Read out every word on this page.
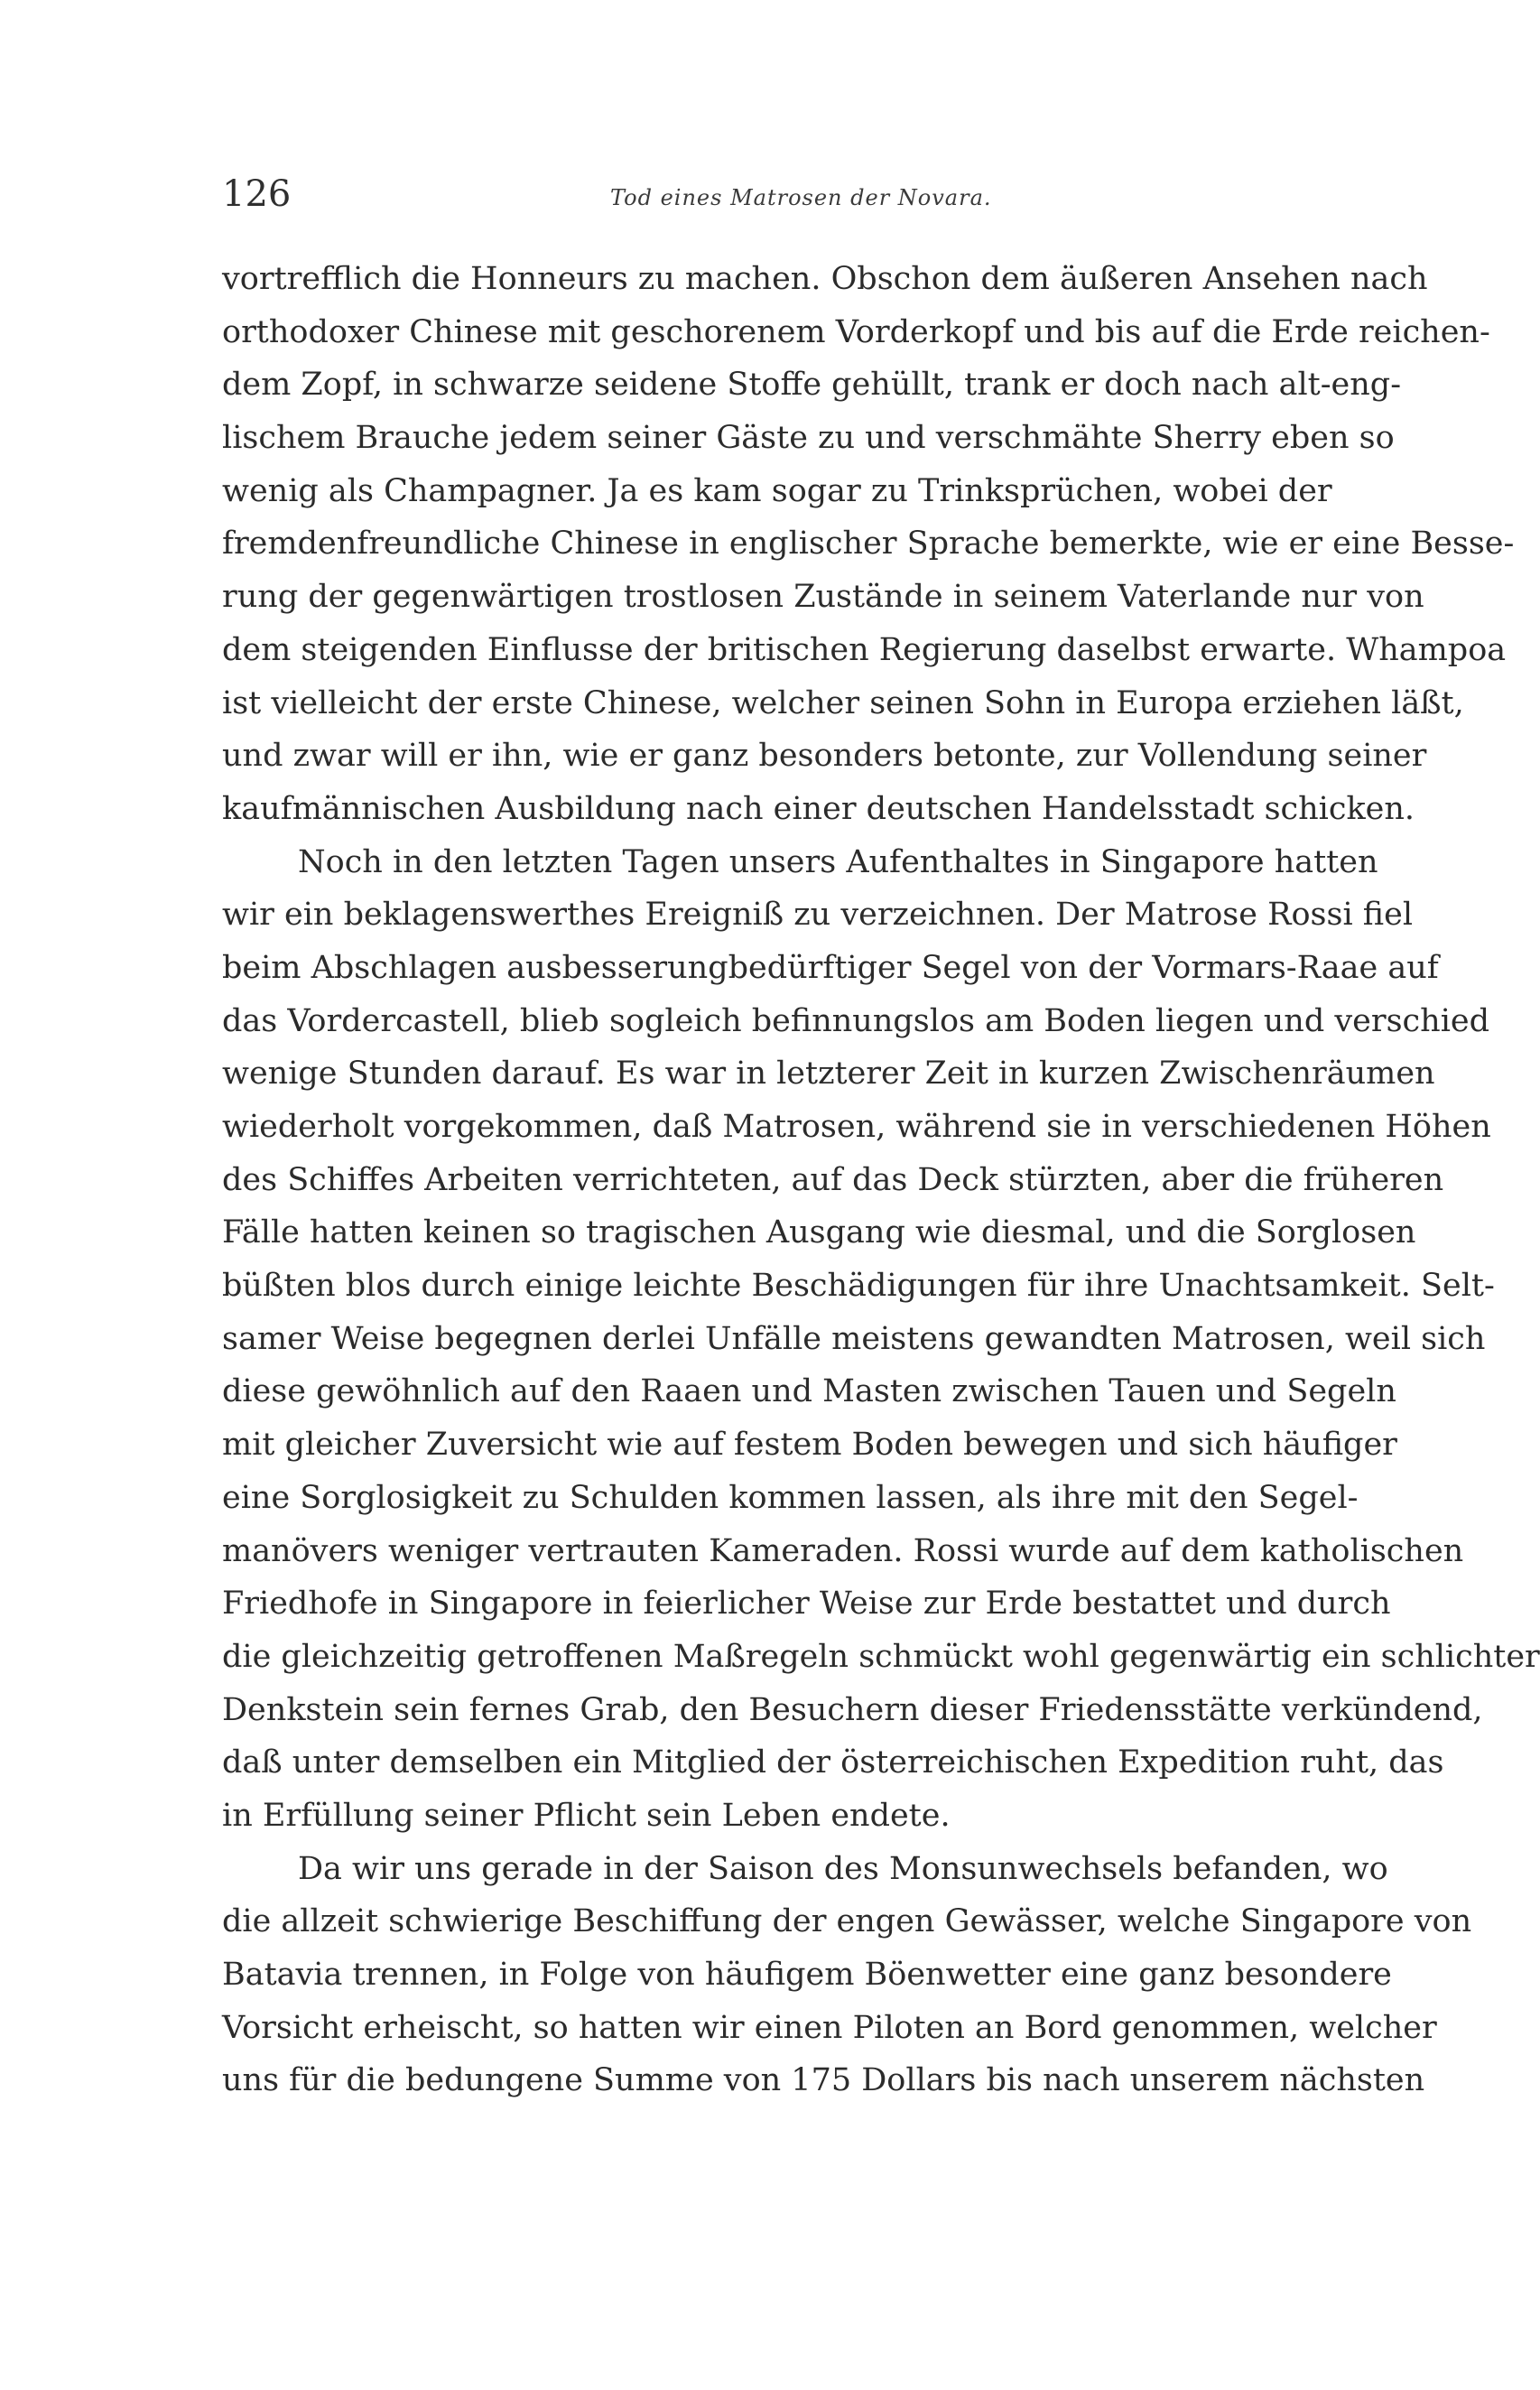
126	Tod eines Matrosen der Novara.
vortrefflich die Honneurs zu machen. Obschon dem äußeren Ansehen nach
orthodoxer Chinese mit geschorenem Vorderkopf und bis auf die Erde reichen-
dem Zopf, in schwarze seidene Stoffe gehüllt, trank er doch nach alt-eng-
lischem Brauche jedem seiner Gäste zu und verschmähte Sherry eben so
wenig als Champagner. Ja es kam sogar zu Trinksprüchen, wobei der
fremdenfreundliche Chinese in englischer Sprache bemerkte, wie er eine Besse-
rung der gegenwärtigen trostlosen Zustände in seinem Vaterlande nur von
dem steigenden Einflusse der britischen Regierung daselbst erwarte. Whampoa
ist vielleicht der erste Chinese, welcher seinen Sohn in Europa erziehen läßt,
und zwar will er ihn, wie er ganz besonders betonte, zur Vollendung seiner
kaufmännischen Ausbildung nach einer deutschen Handelsstadt schicken.
Noch in den letzten Tagen unsers Aufenthaltes in Singapore hatten
wir ein beklagenswerthes Ereigniß zu verzeichnen. Der Matrose Rossi fiel
beim Abschlagen ausbesserungbedürftiger Segel von der Vormars-Raae auf
das Vordercastell, blieb sogleich befinnungslos am Boden liegen und verschied
wenige Stunden darauf. Es war in letzterer Zeit in kurzen Zwischenräumen
wiederholt vorgekommen, daß Matrosen, während sie in verschiedenen Höhen
des Schiffes Arbeiten verrichteten, auf das Deck stürzten, aber die früheren
Fälle hatten keinen so tragischen Ausgang wie diesmal, und die Sorglosen
büßten blos durch einige leichte Beschädigungen für ihre Unachtsamkeit. Selt-
samer Weise begegnen derlei Unfälle meistens gewandten Matrosen, weil sich
diese gewöhnlich auf den Raaen und Masten zwischen Tauen und Segeln
mit gleicher Zuversicht wie auf festem Boden bewegen und sich häufiger
eine Sorglosigkeit zu Schulden kommen lassen, als ihre mit den Segel-
manövers weniger vertrauten Kameraden. Rossi wurde auf dem katholischen
Friedhofe in Singapore in feierlicher Weise zur Erde bestattet und durch
die gleichzeitig getroffenen Maßregeln schmückt wohl gegenwärtig ein schlichter
Denkstein sein fernes Grab, den Besuchern dieser Friedensstätte verkündend,
daß unter demselben ein Mitglied der österreichischen Expedition ruht, das
in Erfüllung seiner Pflicht sein Leben endete.
Da wir uns gerade in der Saison des Monsunwechsels befanden, wo
die allzeit schwierige Beschiffung der engen Gewässer, welche Singapore von
Batavia trennen, in Folge von häufigem Böenwetter eine ganz besondere
Vorsicht erheischt, so hatten wir einen Piloten an Bord genommen, welcher
uns für die bedungene Summe von 175 Dollars bis nach unserem nächsten
